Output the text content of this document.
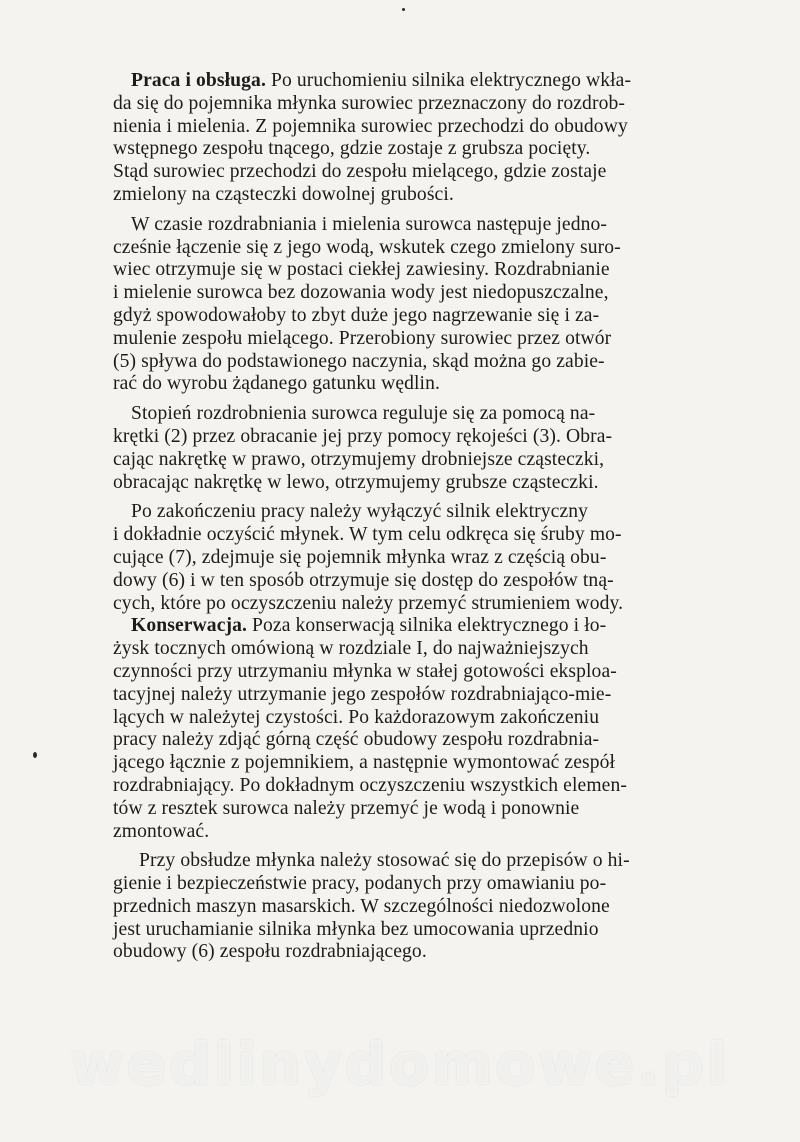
Praca i obsługa. Po uruchomieniu silnika elektrycznego wkła-
da się do pojemnika młynka surowiec przeznaczony do rozdrob-
nienia i mielenia. Z pojemnika surowiec przechodzi do obudowy
wstępnego zespołu tnącego, gdzie zostaje z grubsza pocięty.
Stąd surowiec przechodzi do zespołu mielącego, gdzie zostaje
zmielony na cząsteczki dowolnej grubości.

W czasie rozdrabniania i mielenia surowca następuje jedno-
cześnie łączenie się z jego wodą, wskutek czego zmielony suro-
wiec otrzymuje się w postaci ciekłej zawiesiny. Rozdrabnianie
i mielenie surowca bez dozowania wody jest niedopuszczalne,
gdyż spowodowałoby to zbyt duże jego nagrzewanie się i za-
mulenie zespołu mielącego. Przerobiony surowiec przez otwór
(5) spływa do podstawionego naczynia, skąd można go zabie-
rać do wyrobu żądanego gatunku wędlin.

Stopień rozdrobnienia surowca reguluje się za pomocą na-
krętki (2) przez obracanie jej przy pomocy rękojeści (3). Obra-
cając nakrętkę w prawo, otrzymujemy drobniejsze cząsteczki,
obracając nakrętkę w lewo, otrzymujemy grubsze cząsteczki.

Po zakończeniu pracy należy wyłączyć silnik elektryczny
i dokładnie oczyścić młynek. W tym celu odkręca się śruby mo-
cujące (7), zdejmuje się pojemnik młynka wraz z częścią obu-
dowy (6) i w ten sposób otrzymuje się dostęp do zespołów tną-
cych, które po oczyszczeniu należy przemyć strumieniem wody.

Konserwacja. Poza konserwacją silnika elektrycznego i ło-
żysk tocznych omówioną w rozdziale I, do najważniejszych
czynności przy utrzymaniu młynka w stałej gotowości eksploa-
tacyjnej należy utrzymanie jego zespołów rozdrabniająco-mie-
lących w należytej czystości. Po każdorazowym zakończeniu
pracy należy zdjąć górną część obudowy zespołu rozdrabnia-
jącego łącznie z pojemnikiem, a następnie wymontować zespół
rozdrabniający. Po dokładnym oczyszczeniu wszystkich elemen-
tów z resztek surowca należy przemyć je wodą i ponownie
zmontować.

Przy obsłudze młynka należy stosować się do przepisów o hi-
gienie i bezpieczeństwie pracy, podanych przy omawianiu po-
przednich maszyn masarskich. W szczególności niedozwolone
jest uruchamianie silnika młynka bez umocowania uprzednio
obudowy (6) zespołu rozdrabniającego.

wedlinydomowe.pl
